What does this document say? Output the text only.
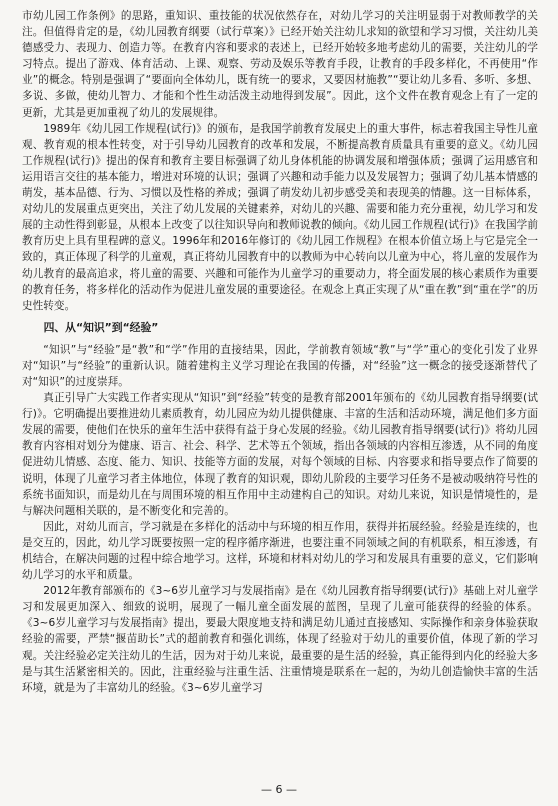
市幼儿园工作条例》的思路，重知识、重技能的状况依然存在，对幼儿学习的关注明显弱于对教师教学的关注。但值得肯定的是，《幼儿园教育纲要（试行草案）》已经开始关注幼儿求知的欲望和学习习惯，关注幼儿美德感受力、表现力、创造力等。在教育内容和要求的表述上，已经开始较多地考虑幼儿的需要，关注幼儿的学习特点。提出了游戏、体育活动、上课、观察、劳动及娱乐等教育手段，让教育的手段多样化，不再使用“作业”的概念。特别是强调了“要面向全体幼儿，既有统一的要求，又要因材施教”“要让幼儿多看、多听、多想、多说、多做，使幼儿智力、才能和个性生动活泼主动地得到发展”。因此，这个文件在教育观念上有了一定的更新，尤其是更加重视了幼儿的发展规律。

1989年《幼儿园工作规程(试行)》的颁布，是我国学前教育发展史上的重大事件，标志着我国主导性儿童观、教育观的根本性转变，对于引导幼儿园教育的改革和发展，不断提高教育质量具有重要的意义。《幼儿园工作规程(试行)》提出的保育和教育主要目标强调了幼儿身体机能的协调发展和增强体质；强调了运用感官和运用语言交往的基本能力，增进对环境的认识；强调了兴趣和动手能力以及发展智力；强调了幼儿基本情感的萌发，基本品德、行为、习惯以及性格的养成；强调了萌发幼儿初步感受美和表现美的情趣。这一目标体系，对幼儿的发展重点更突出，关注了幼儿发展的关键素养，对幼儿的兴趣、需要和能力充分重视，幼儿学习和发展的主动性得到彰显，从根本上改变了以往知识导向和教师说教的倾向。《幼儿园工作规程(试行)》在我国学前教育历史上具有里程碑的意义。1996年和2016年修订的《幼儿园工作规程》在根本价值立场上与它是完全一致的，真正体现了科学的儿童观，真正将幼儿园教育中的以教师为中心转向以儿童为中心，将儿童的发展作为幼儿教育的最高追求，将儿童的需要、兴趣和可能作为儿童学习的重要动力，将全面发展的核心素质作为重要的教育任务，将多样化的活动作为促进儿童发展的重要途径。在观念上真正实现了从“重在教”到“重在学”的历史性转变。

四、从“知识”到“经验”

“知识”与“经验”是“教”和“学”作用的直接结果，因此，学前教育领域“教”与“学”重心的变化引发了业界对“知识”与“经验”的重新认识。随着建构主义学习理论在我国的传播，对“经验”这一概念的接受逐渐替代了对“知识”的过度崇拜。

真正引导广大实践工作者实现从“知识”到“经验”转变的是教育部2001年颁布的《幼儿园教育指导纲要(试行)》。它明确提出要推进幼儿素质教育，幼儿园应为幼儿提供健康、丰富的生活和活动环境，满足他们多方面发展的需要，使他们在快乐的童年生活中获得有益于身心发展的经验。《幼儿园教育指导纲要(试行)》将幼儿园教育内容相对划分为健康、语言、社会、科学、艺术等五个领域，指出各领域的内容相互渗透，从不同的角度促进幼儿情感、态度、能力、知识、技能等方面的发展，对每个领域的目标、内容要求和指导要点作了简要的说明，体现了儿童学习者主体地位，体现了教育的知识观，即幼儿阶段的主要学习任务不是被动吸纳符号性的系统书面知识，而是幼儿在与周围环境的相互作用中主动建构自己的知识。对幼儿来说，知识是情境性的，是与解决问题相关联的，是不断变化和完善的。

因此，对幼儿而言，学习就是在多样化的活动中与环境的相互作用，获得并拓展经验。经验是连续的，也是交互的，因此，幼儿学习既要按照一定的程序循序渐进，也要注重不同领域之间的有机联系，相互渗透，有机结合，在解决问题的过程中综合地学习。这样，环境和材料对幼儿的学习和发展具有重要的意义，它们影响幼儿学习的水平和质量。

2012年教育部颁布的《3~6岁儿童学习与发展指南》是在《幼儿园教育指导纲要(试行)》基础上对儿童学习和发展更加深入、细致的说明，展现了一幅儿童全面发展的蓝图，呈现了儿童可能获得的经验的体系。《3~6岁儿童学习与发展指南》提出，要最大限度地支持和满足幼儿通过直接感知、实际操作和亲身体验获取经验的需要，严禁“揠苗助长”式的超前教育和强化训练，体现了经验对于幼儿的重要价值，体现了新的学习观。关注经验必定关注幼儿的生活，因为对于幼儿来说，最重要的是生活的经验，真正能得到内化的经验大多是与其生活紧密相关的。因此，注重经验与注重生活、注重情境是联系在一起的，为幼儿创造愉快丰富的生活环境，就是为了丰富幼儿的经验。《3~6岁儿童学习

— 6 —
